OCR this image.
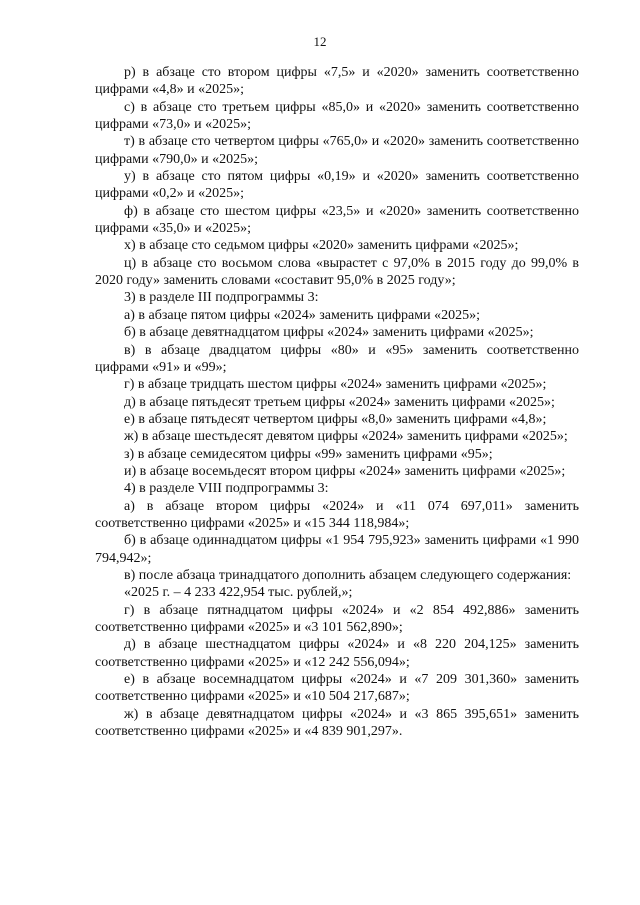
12

р) в абзаце сто втором цифры «7,5» и «2020» заменить соответственно цифрами «4,8» и «2025»;

с) в абзаце сто третьем цифры «85,0» и «2020» заменить соответственно цифрами «73,0» и «2025»;

т) в абзаце сто четвертом цифры «765,0» и «2020» заменить соответственно цифрами «790,0» и «2025»;

у) в абзаце сто пятом цифры «0,19» и «2020» заменить соответственно цифрами «0,2» и «2025»;

ф) в абзаце сто шестом цифры «23,5» и «2020» заменить соответственно цифрами «35,0» и «2025»;

х) в абзаце сто седьмом цифры «2020» заменить цифрами «2025»;

ц) в абзаце сто восьмом слова «вырастет с 97,0% в 2015 году до 99,0% в 2020 году» заменить словами «составит 95,0% в 2025 году»;

3) в разделе III подпрограммы 3:

а) в абзаце пятом цифры «2024» заменить цифрами «2025»;

б) в абзаце девятнадцатом цифры «2024» заменить цифрами «2025»;

в) в абзаце двадцатом цифры «80» и «95» заменить соответственно цифрами «91» и «99»;

г) в абзаце тридцать шестом цифры «2024» заменить цифрами «2025»;

д) в абзаце пятьдесят третьем цифры «2024» заменить цифрами «2025»;

е) в абзаце пятьдесят четвертом цифры «8,0» заменить цифрами «4,8»;

ж) в абзаце шестьдесят девятом цифры «2024» заменить цифрами «2025»;

з) в абзаце семидесятом цифры «99» заменить цифрами «95»;

и) в абзаце восемьдесят втором цифры «2024» заменить цифрами «2025»;

4) в разделе VIII подпрограммы 3:

а) в абзаце втором цифры «2024» и «11 074 697,011» заменить соответственно цифрами «2025» и «15 344 118,984»;

б) в абзаце одиннадцатом цифры «1 954 795,923» заменить цифрами «1 990 794,942»;

в) после абзаца тринадцатого дополнить абзацем следующего содержания:

«2025 г. – 4 233 422,954 тыс. рублей,»;

г) в абзаце пятнадцатом цифры «2024» и «2 854 492,886» заменить соответственно цифрами «2025» и «3 101 562,890»;

д) в абзаце шестнадцатом цифры «2024» и «8 220 204,125» заменить соответственно цифрами «2025» и «12 242 556,094»;

е) в абзаце восемнадцатом цифры «2024» и «7 209 301,360» заменить соответственно цифрами «2025» и «10 504 217,687»;

ж) в абзаце девятнадцатом цифры «2024» и «3 865 395,651» заменить соответственно цифрами «2025» и «4 839 901,297».
